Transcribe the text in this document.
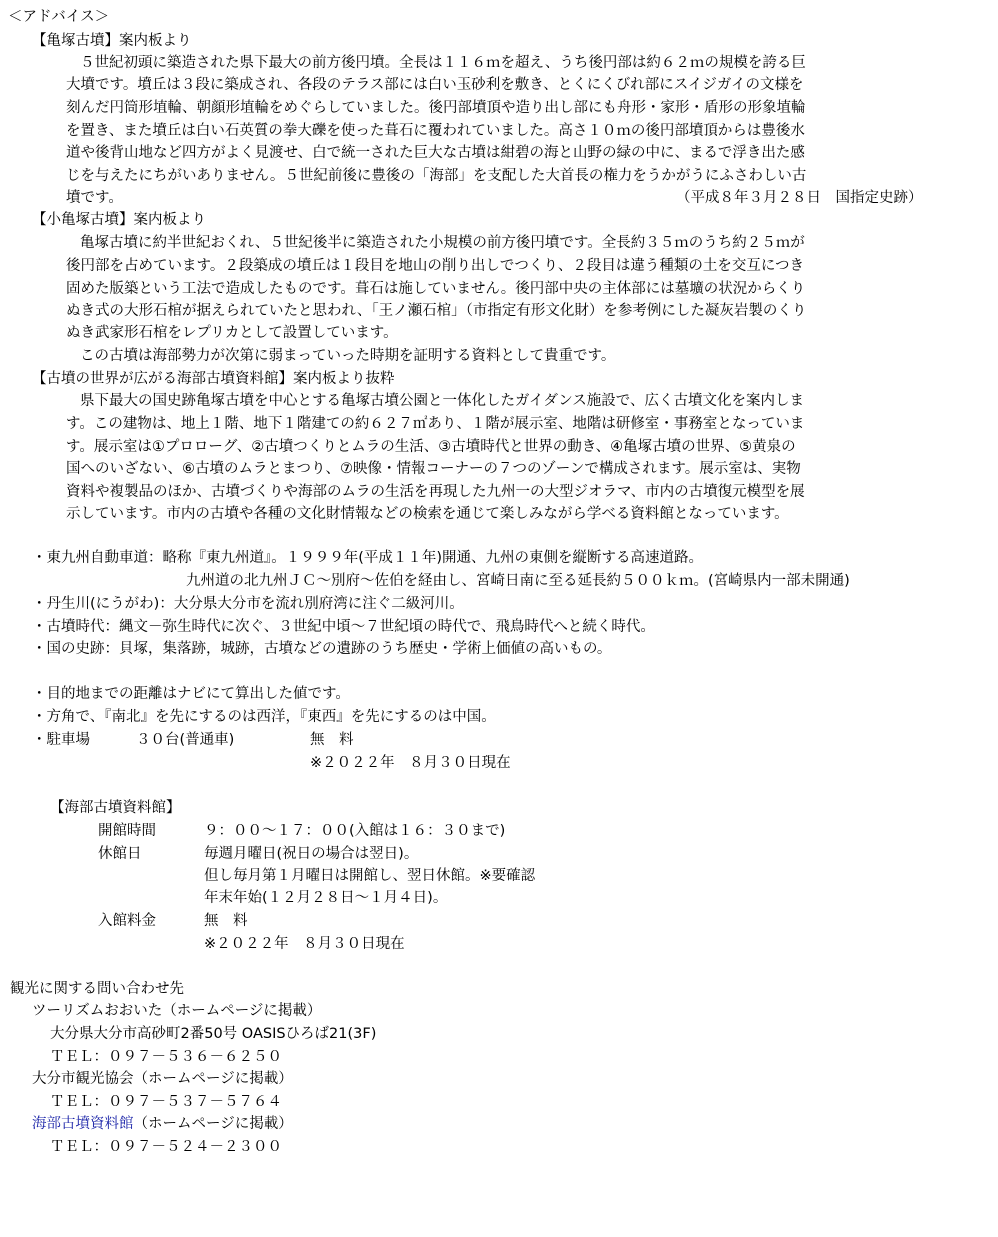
＜アドバイス＞
【亀塚古墳】案内板より
５世紀初頭に築造された県下最大の前方後円墳。全長は１１６ｍを超え、うち後円部は約６２ｍの規模を誇る巨
大墳です。墳丘は３段に築成され、各段のテラス部には白い玉砂利を敷き、とくにくびれ部にスイジガイの文様を
刻んだ円筒形埴輪、朝顔形埴輪をめぐらしていました。後円部墳頂や造り出し部にも舟形・家形・盾形の形象埴輪
を置き、また墳丘は白い石英質の拳大礫を使った葺石に覆われていました。高さ１０ｍの後円部墳頂からは豊後水
道や後背山地など四方がよく見渡せ、白で統一された巨大な古墳は紺碧の海と山野の緑の中に、まるで浮き出た感
じを与えたにちがいありません。５世紀前後に豊後の「海部」を支配した大首長の権力をうかがうにふさわしい古
墳です。	（平成８年３月２８日　国指定史跡）
【小亀塚古墳】案内板より
亀塚古墳に約半世紀おくれ、５世紀後半に築造された小規模の前方後円墳です。全長約３５ｍのうち約２５ｍが
後円部を占めています。２段築成の墳丘は１段目を地山の削り出しでつくり、２段目は違う種類の土を交互につき
固めた版築という工法で造成したものです。葺石は施していません。後円部中央の主体部には墓壙の状況からくり
ぬき式の大形石棺が据えられていたと思われ、「王ノ瀬石棺」（市指定有形文化財）を参考例にした凝灰岩製のくり
ぬき武家形石棺をレプリカとして設置しています。
この古墳は海部勢力が次第に弱まっていった時期を証明する資料として貴重です。
【古墳の世界が広がる海部古墳資料館】案内板より抜粋
県下最大の国史跡亀塚古墳を中心とする亀塚古墳公園と一体化したガイダンス施設で、広く古墳文化を案内しま
す。この建物は、地上１階、地下１階建ての約６２７㎡あり、１階が展示室、地階は研修室・事務室となっていま
す。展示室は①プロローグ、②古墳つくりとムラの生活、③古墳時代と世界の動き、④亀塚古墳の世界、⑤黄泉の
国へのいざない、⑥古墳のムラとまつり、⑦映像・情報コーナーの７つのゾーンで構成されます。展示室は、実物
資料や複製品のほか、古墳づくりや海部のムラの生活を再現した九州一の大型ジオラマ、市内の古墳復元模型を展
示しています。市内の古墳や各種の文化財情報などの検索を通じて楽しみながら学べる資料館となっています。
・東九州自動車道：略称『東九州道』。１９９９年(平成１１年)開通、九州の東側を縦断する高速道路。
九州道の北九州ＪＣ～別府～佐伯を経由し、宮崎日南に至る延長約５００ｋｍ。(宮崎県内一部未開通)
・丹生川(にうがわ)：大分県大分市を流れ別府湾に注ぐ二級河川。
・古墳時代：縄文－弥生時代に次ぐ、３世紀中頃～７世紀頃の時代で、飛鳥時代へと続く時代。
・国の史跡：貝塚，集落跡，城跡，古墳などの遺跡のうち歴史・学術上価値の高いもの。
・目的地までの距離はナビにて算出した値です。
・方角で、『南北』を先にするのは西洋，『東西』を先にするのは中国。
・駐車場	３０台(普通車)	無　料
※２０２２年　８月３０日現在
【海部古墳資料館】
開館時間	９：００～１７：００(入館は１６：３０まで)
休館日	毎週月曜日(祝日の場合は翌日)。
但し毎月第１月曜日は開館し、翌日休館。※要確認
年末年始(１２月２８日～１月４日)。
入館料金	無　料
※２０２２年　８月３０日現在
観光に関する問い合わせ先
ツーリズムおおいた（ホームページに掲載）
大分県大分市高砂町2番50号 OASISひろば21(3F)
ＴＥＬ：０９７－５３６－６２５０
大分市観光協会（ホームページに掲載）
ＴＥＬ：０９７－５３７－５７６４
海部古墳資料館（ホームページに掲載）
ＴＥＬ：０９７－５２４－２３００
